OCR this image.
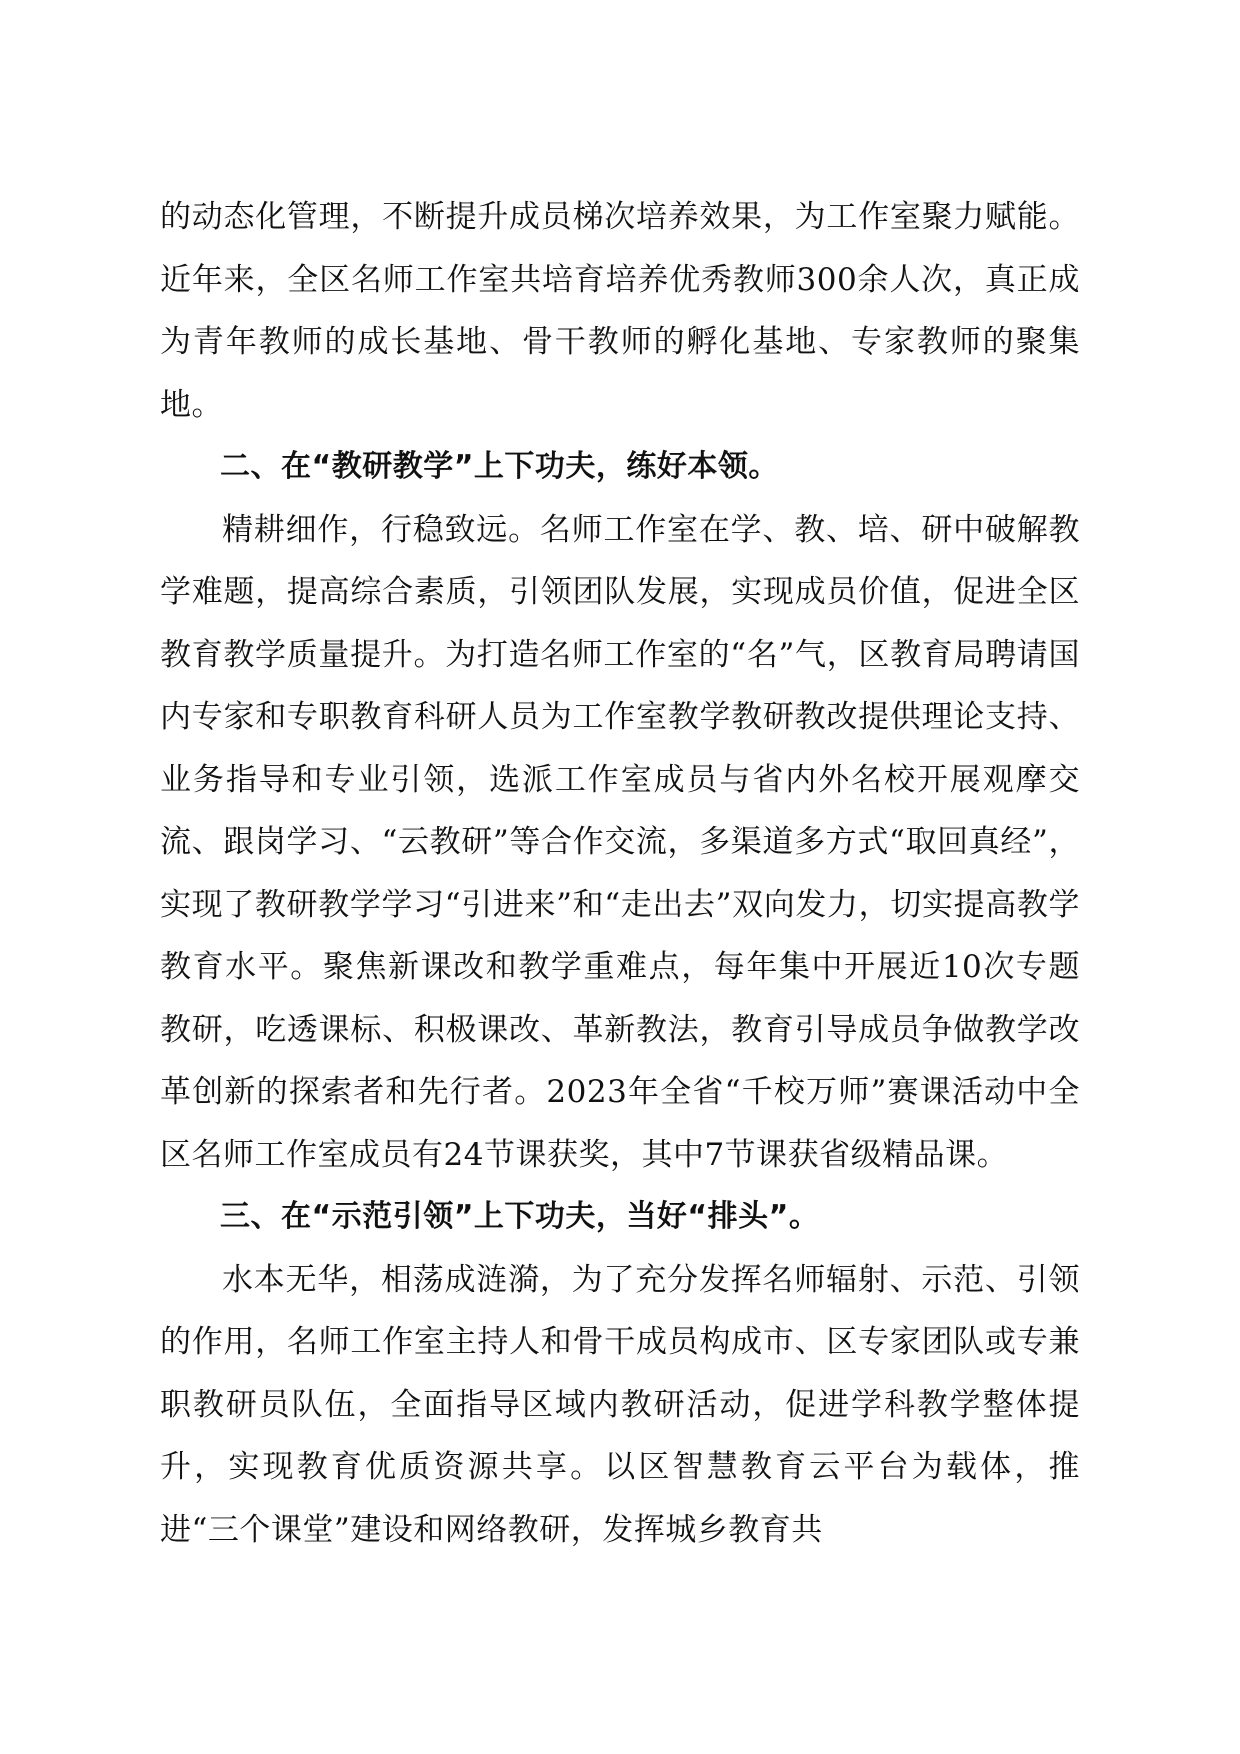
的动态化管理，不断提升成员梯次培养效果，为工作室聚力赋能。近年来，全区名师工作室共培育培养优秀教师300余人次，真正成为青年教师的成长基地、骨干教师的孵化基地、专家教师的聚集地。

二、在“教研教学”上下功夫，练好本领。

精耕细作，行稳致远。名师工作室在学、教、培、研中破解教学难题，提高综合素质，引领团队发展，实现成员价值，促进全区教育教学质量提升。为打造名师工作室的“名”气，区教育局聘请国内专家和专职教育科研人员为工作室教学教研教改提供理论支持、业务指导和专业引领，选派工作室成员与省内外名校开展观摩交流、跟岗学习、“云教研”等合作交流，多渠道多方式“取回真经”，实现了教研教学学习“引进来”和“走出去”双向发力，切实提高教学教育水平。聚焦新课改和教学重难点，每年集中开展近10次专题教研，吃透课标、积极课改、革新教法，教育引导成员争做教学改革创新的探索者和先行者。2023年全省“千校万师”赛课活动中全区名师工作室成员有24节课获奖，其中7节课获省级精品课。

三、在“示范引领”上下功夫，当好“排头”。

水本无华，相荡成涟漪，为了充分发挥名师辐射、示范、引领的作用，名师工作室主持人和骨干成员构成市、区专家团队或专兼职教研员队伍，全面指导区域内教研活动，促进学科教学整体提升，实现教育优质资源共享。以区智慧教育云平台为载体，推进“三个课堂”建设和网络教研，发挥城乡教育共
